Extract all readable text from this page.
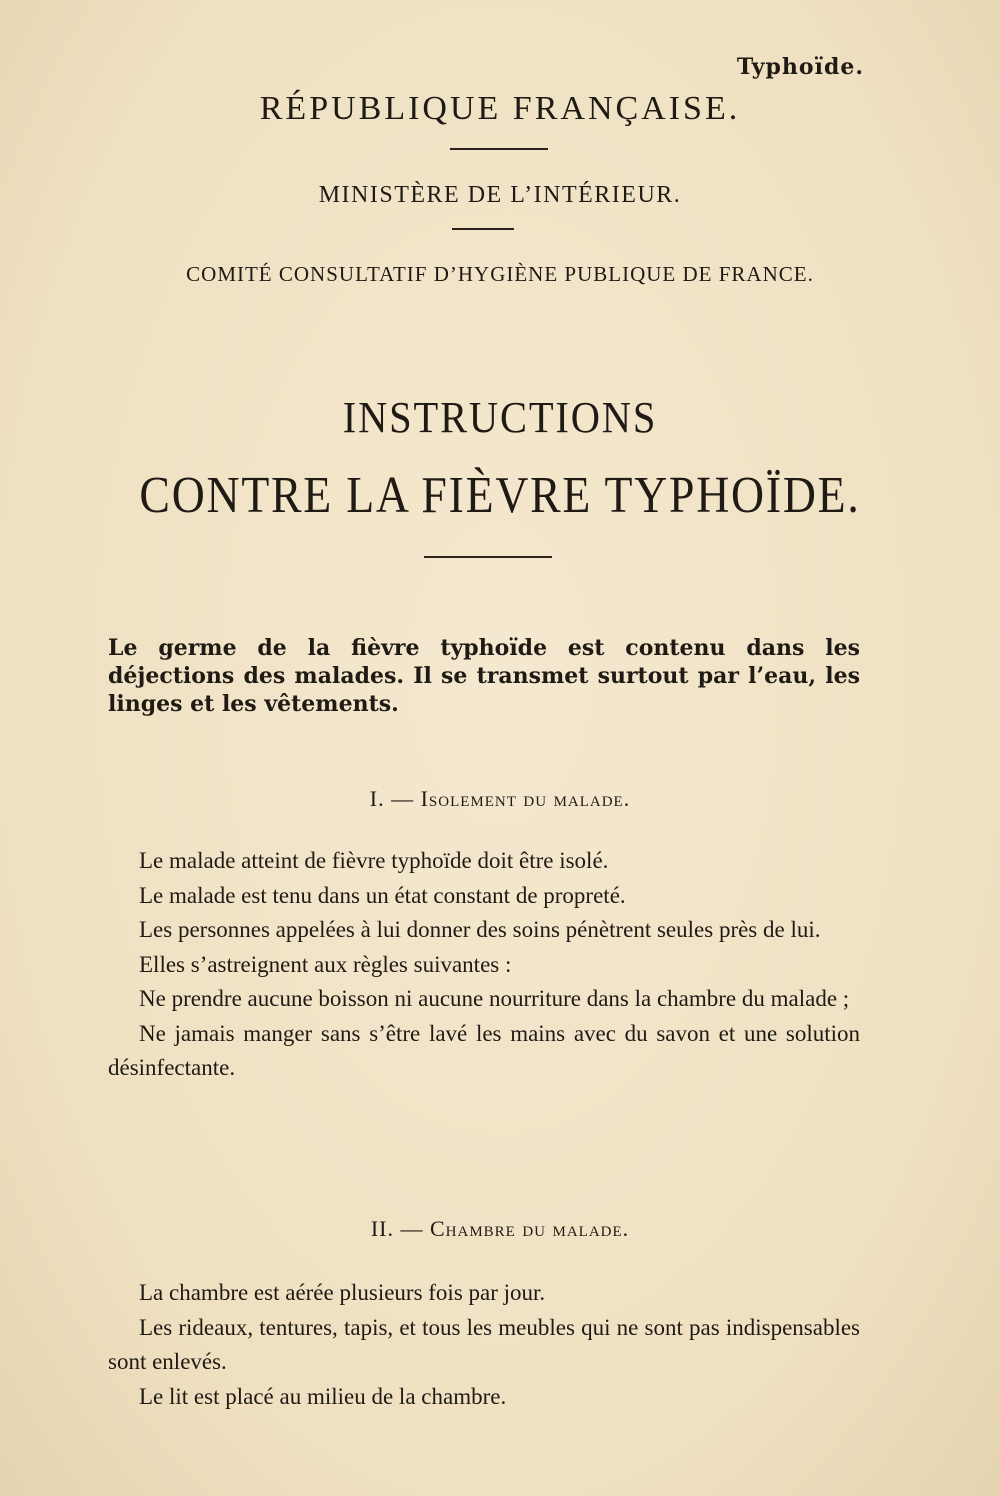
Typhoïde.
RÉPUBLIQUE FRANÇAISE.
MINISTÈRE DE L’INTÉRIEUR.
COMITÉ CONSULTATIF D’HYGIÈNE PUBLIQUE DE FRANCE.
INSTRUCTIONS
CONTRE LA FIÈVRE TYPHOÏDE.
Le germe de la fièvre typhoïde est contenu dans les déjections des malades. Il se transmet surtout par l’eau, les linges et les vêtements.
I. — Isolement du malade.

Le malade atteint de fièvre typhoïde doit être isolé.

Le malade est tenu dans un état constant de propreté.

Les personnes appelées à lui donner des soins pénètrent seules près de lui.

Elles s’astreignent aux règles suivantes :

Ne prendre aucune boisson ni aucune nourriture dans la chambre du malade ;

Ne jamais manger sans s’être lavé les mains avec du savon et une solution désinfectante.

II. — Chambre du malade.

La chambre est aérée plusieurs fois par jour.

Les rideaux, tentures, tapis, et tous les meubles qui ne sont pas indispensables sont enlevés.

Le lit est placé au milieu de la chambre.
